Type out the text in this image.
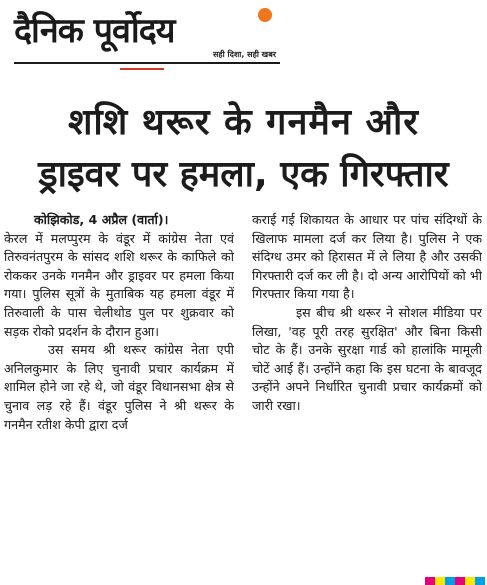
दैनिक पूर्वोदय
सही दिशा, सही खबर
शशि थरूर के गनमैन और
ड्राइवर पर हमला, एक गिरफ्तार

कोझिकोड, 4 अप्रैल (वार्ता)।

केरल में मलप्पुरम के वंडूर में कांग्रेस नेता एवं तिरुवनंतपुरम के सांसद शशि थरूर के काफिले को रोककर उनके गनमैन और ड्राइवर पर हमला किया गया। पुलिस सूत्रों के मुताबिक यह हमला वंडूर में तिरुवाली के पास चेलीथोड पुल पर शुक्रवार को सड़क रोको प्रदर्शन के दौरान हुआ।

उस समय श्री थरूर कांग्रेस नेता एपी अनिलकुमार के लिए चुनावी प्रचार कार्यक्रम में शामिल होने जा रहे थे, जो वंडूर विधानसभा क्षेत्र से चुनाव लड़ रहे हैं। वंडूर पुलिस ने श्री थरूर के गनमैन रतीश केपी द्वारा दर्ज

कराई गई शिकायत के आधार पर पांच संदिग्धों के खिलाफ मामला दर्ज कर लिया है। पुलिस ने एक संदिग्ध उमर को हिरासत में ले लिया है और उसकी गिरफ्तारी दर्ज कर ली है। दो अन्य आरोपियों को भी गिरफ्तार किया गया है।

इस बीच श्री थरूर ने सोशल मीडिया पर लिखा, 'वह पूरी तरह सुरक्षित' और बिना किसी चोट के हैं। उनके सुरक्षा गार्ड को हालांकि मामूली चोटें आई हैं। उन्होंने कहा कि इस घटना के बावजूद उन्होंने अपने निर्धारित चुनावी प्रचार कार्यक्रमों को जारी रखा।
